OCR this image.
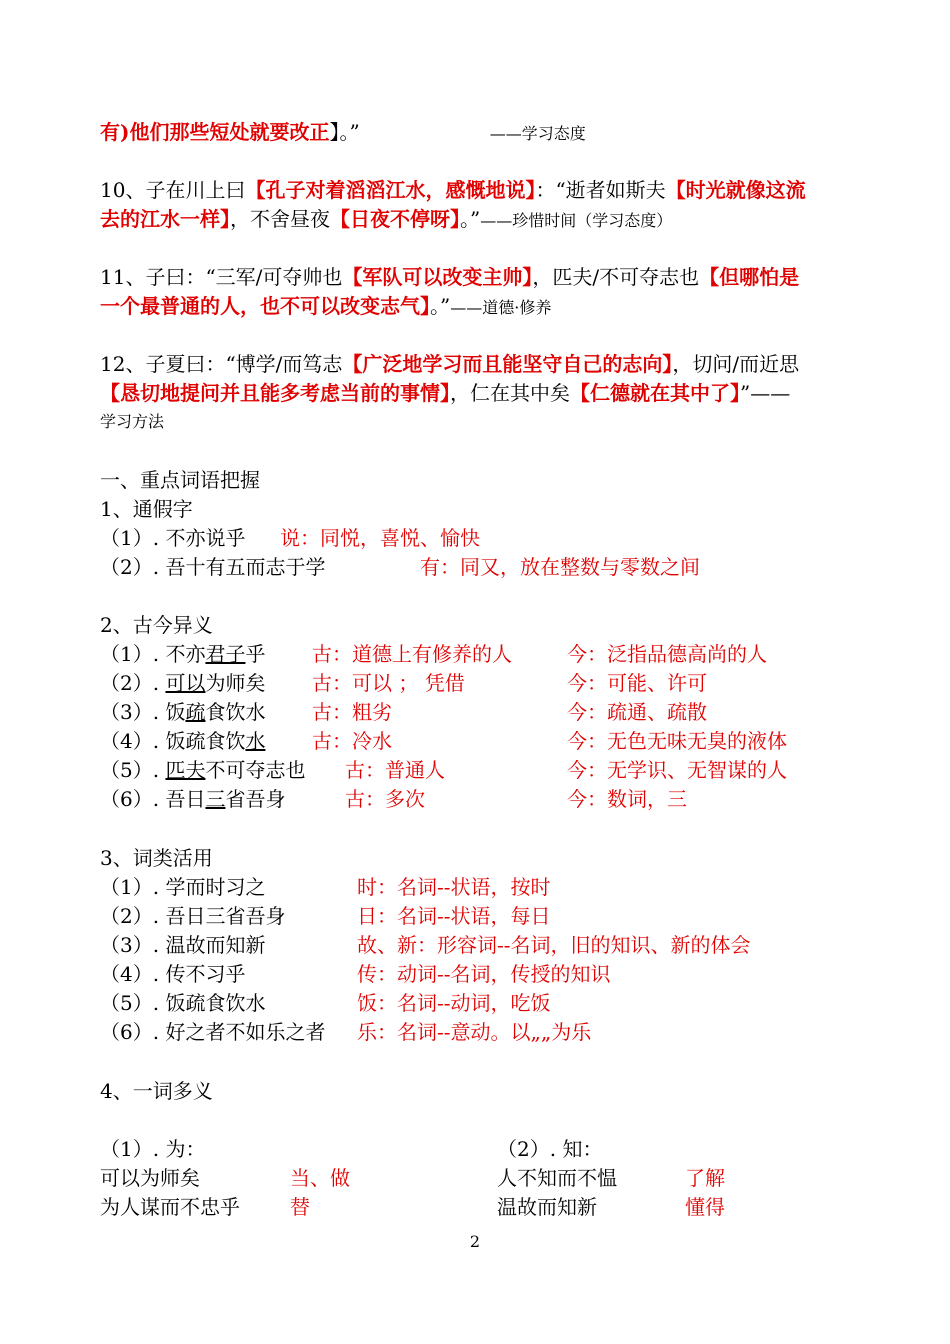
有)他们那些短处就要改正】。”	——学习态度
10、子在川上曰【孔子对着滔滔江水，感慨地说】：“逝者如斯夫【时光就像这流
去的江水一样】，不舍昼夜【日夜不停呀】。”——珍惜时间（学习态度）
11、子曰：“三军/可夺帅也【军队可以改变主帅】，匹夫/不可夺志也【但哪怕是
一个最普通的人，也不可以改变志气】。”——道德·修养
12、子夏曰：“博学/而笃志【广泛地学习而且能坚守自己的志向】，切问/而近思
【恳切地提问并且能多考虑当前的事情】，仁在其中矣【仁德就在其中了】”——
学习方法
一、重点词语把握
1、通假字
（1）. 不亦说乎 说：同悦，喜悦、愉快
（2）. 吾十有五而志于学	有：同又，放在整数与零数之间
2、古今异义
（1）. 不亦君子乎 古：道德上有修养的人	今：泛指品德高尚的人
（2）. 可以为师矣 古：可以 ； 凭借	今：可能、许可
（3）. 饭疏食饮水 古：粗劣	今：疏通、疏散
（4）. 饭疏食饮水 古：冷水	今：无色无味无臭的液体
（5）. 匹夫不可夺志也 古：普通人	今：无学识、无智谋的人
（6）. 吾日三省吾身	古：多次	今：数词，三
3、词类活用
（1）. 学而时习之	时：名词--状语，按时
（2）. 吾日三省吾身	日：名词--状语，每日
（3）. 温故而知新	故、新：形容词--名词，旧的知识、新的体会
（4）. 传不习乎	传：动词--名词，传授的知识
（5）. 饭疏食饮水	饭：名词--动词，吃饭
（6）. 好之者不如乐之者 乐：名词--意动。以„„为乐
4、一词多义
（1）. 为：	（2）. 知：
可以为师矣	当、做	人不知而不愠	了解
为人谋而不忠乎	替	温故而知新	懂得
2
